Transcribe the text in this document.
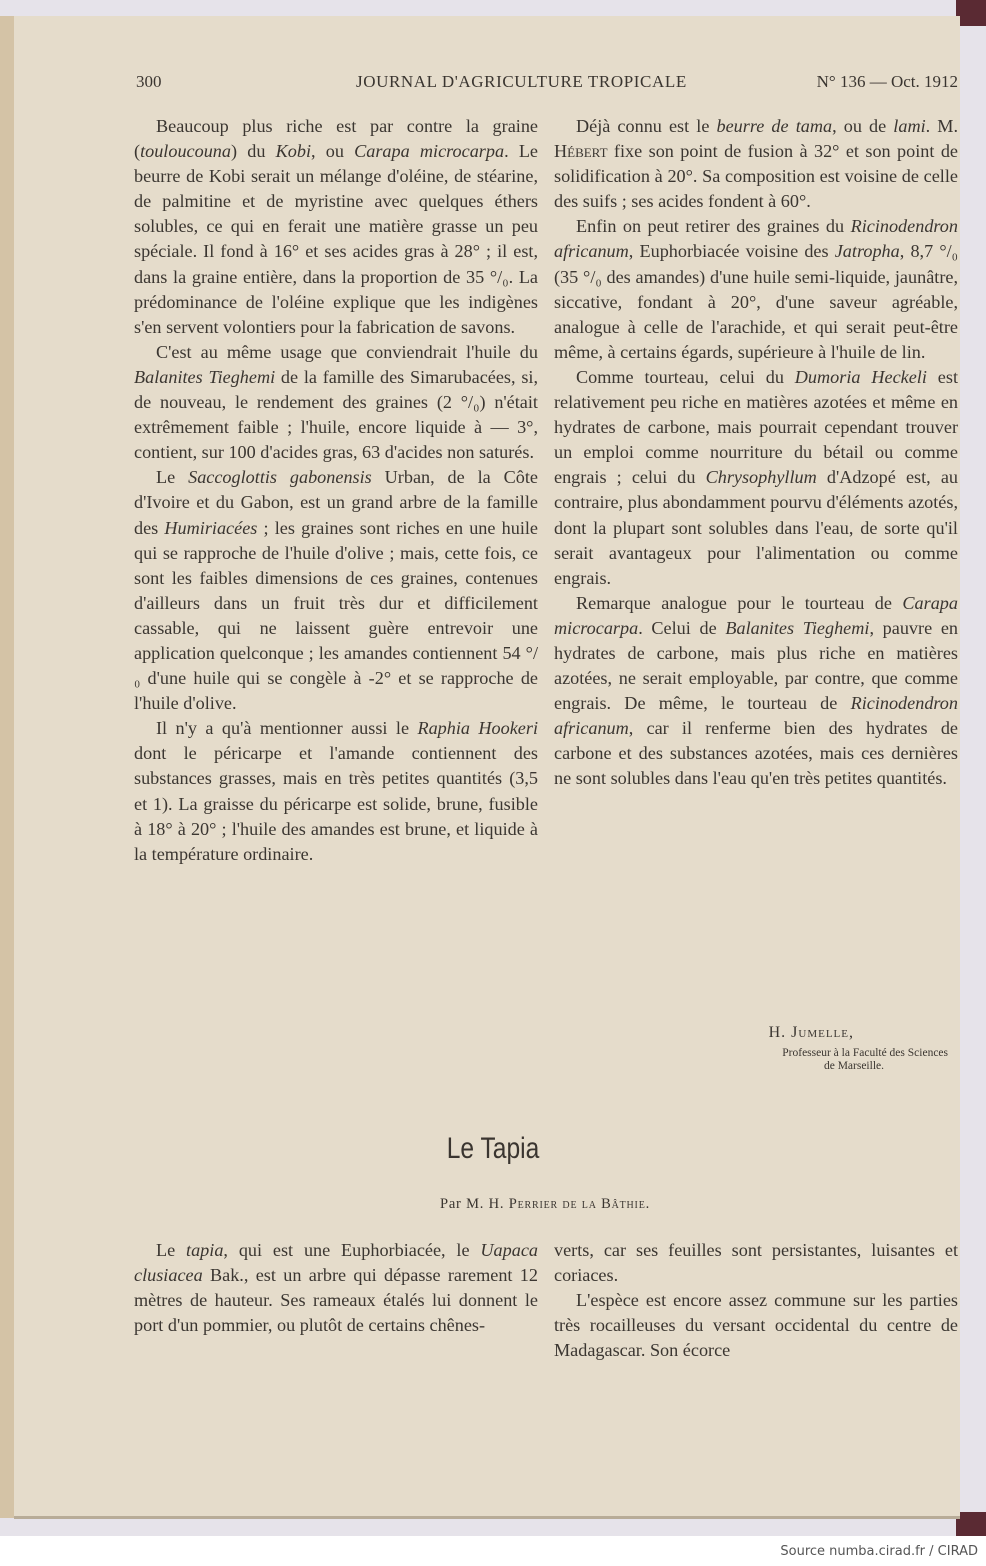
300	JOURNAL D'AGRICULTURE TROPICALE	N° 136 — Oct. 1912

Beaucoup plus riche est par contre la graine (touloucouna) du Kobi, ou Carapa microcarpa. Le beurre de Kobi serait un mélange d'oléine, de stéarine, de palmitine et de myristine avec quelques éthers solubles, ce qui en ferait une matière grasse un peu spéciale. Il fond à 16° et ses acides gras à 28° ; il est, dans la graine entière, dans la proportion de 35 °/₀. La prédominance de l'oléine explique que les indigènes s'en servent volontiers pour la fabrication de savons.

C'est au même usage que conviendrait l'huile du Balanites Tieghemi de la famille des Simarubacées, si, de nouveau, le rendement des graines (2 °/₀) n'était extrêmement faible ; l'huile, encore liquide à — 3°, contient, sur 100 d'acides gras, 63 d'acides non saturés.

Le Saccoglottis gabonensis Urban, de la Côte d'Ivoire et du Gabon, est un grand arbre de la famille des Humiriacées ; les graines sont riches en une huile qui se rapproche de l'huile d'olive ; mais, cette fois, ce sont les faibles dimensions de ces graines, contenues d'ailleurs dans un fruit très dur et difficilement cassable, qui ne laissent guère entrevoir une application quelconque ; les amandes contiennent 54 °/₀ d'une huile qui se congèle à -2° et se rapproche de l'huile d'olive.

Il n'y a qu'à mentionner aussi le Raphia Hookeri dont le péricarpe et l'amande contiennent des substances grasses, mais en très petites quantités (3,5 et 1). La graisse du péricarpe est solide, brune, fusible à 18° à 20° ; l'huile des amandes est brune, et liquide à la température ordinaire.

Déjà connu est le beurre de tama, ou de lami. M. Hébert fixe son point de fusion à 32° et son point de solidification à 20°. Sa composition est voisine de celle des suifs ; ses acides fondent à 60°.

Enfin on peut retirer des graines du Ricinodendron africanum, Euphorbiacée voisine des Jatropha, 8,7 °/₀ (35 °/₀ des amandes) d'une huile semi-liquide, jaunâtre, siccative, fondant à 20°, d'une saveur agréable, analogue à celle de l'arachide, et qui serait peut-être même, à certains égards, supérieure à l'huile de lin.

Comme tourteau, celui du Dumoria Heckeli est relativement peu riche en matières azotées et même en hydrates de carbone, mais pourrait cependant trouver un emploi comme nourriture du bétail ou comme engrais ; celui du Chrysophyllum d'Adzopé est, au contraire, plus abondamment pourvu d'éléments azotés, dont la plupart sont solubles dans l'eau, de sorte qu'il serait avantageux pour l'alimentation ou comme engrais.

Remarque analogue pour le tourteau de Carapa microcarpa. Celui de Balanites Tieghemi, pauvre en hydrates de carbone, mais plus riche en matières azotées, ne serait employable, par contre, que comme engrais. De même, le tourteau de Ricinodendron africanum, car il renferme bien des hydrates de carbone et des substances azotées, mais ces dernières ne sont solubles dans l'eau qu'en très petites quantités.

H. Jumelle,
Professeur à la Faculté des Sciences
de Marseille.
Le Tapia
Par M. H. Perrier de la Bâthie.

Le tapia, qui est une Euphorbiacée, le Uapaca clusiacea Bak., est un arbre qui dépasse rarement 12 mètres de hauteur. Ses rameaux étalés lui donnent le port d'un pommier, ou plutôt de certains chênes-

verts, car ses feuilles sont persistantes, luisantes et coriaces.

L'espèce est encore assez commune sur les parties très rocailleuses du versant occidental du centre de Madagascar. Son écorce

Source numba.cirad.fr / CIRAD
